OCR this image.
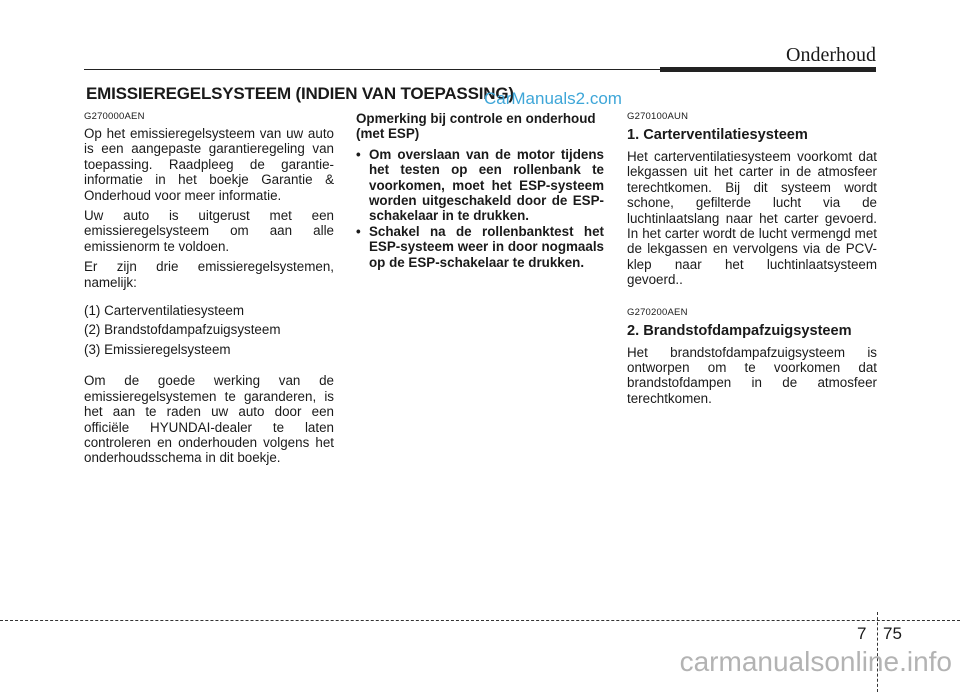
Onderhoud
EMISSIEREGELSYSTEEM (INDIEN VAN TOEPASSING)
CarManuals2.com
G270000AEN
Op het emissieregelsysteem van uw auto is een aangepaste garantieregeling van toepassing. Raadpleeg de garantie- informatie in het boekje Garantie & Onderhoud voor meer informatie.
Uw auto is uitgerust met een emissieregelsysteem om aan alle emissienorm te voldoen.
Er zijn drie emissieregelsystemen, namelijk:
(1) Carterventilatiesysteem
(2) Brandstofdampafzuigsysteem
(3) Emissieregelsysteem
Om de goede werking van de emissieregelsystemen te garanderen, is het aan te raden uw auto door een officiële HYUNDAI-dealer te laten controleren en onderhouden volgens het onderhoudsschema in dit boekje.
Opmerking bij controle en onderhoud (met ESP)
• Om overslaan van de motor tijdens het testen op een rollenbank te voorkomen, moet het ESP-systeem worden uitgeschakeld door de ESP-schakelaar in te drukken.
• Schakel na de rollenbanktest het ESP-systeem weer in door nogmaals op de ESP-schakelaar te drukken.
G270100AUN
1. Carterventilatiesysteem
Het carterventilatiesysteem voorkomt dat lekgassen uit het carter in de atmosfeer terechtkomen. Bij dit systeem wordt schone, gefilterde lucht via de luchtinlaatslang naar het carter gevoerd. In het carter wordt de lucht vermengd met de lekgassen en vervolgens via de PCV-klep naar het luchtinlaatsysteem gevoerd..
G270200AEN
2. Brandstofdampafzuigsysteem
Het brandstofdampafzuigsysteem is ontworpen om te voorkomen dat brandstofdampen in de atmosfeer terechtkomen.
7 75
carmanualsonline.info
